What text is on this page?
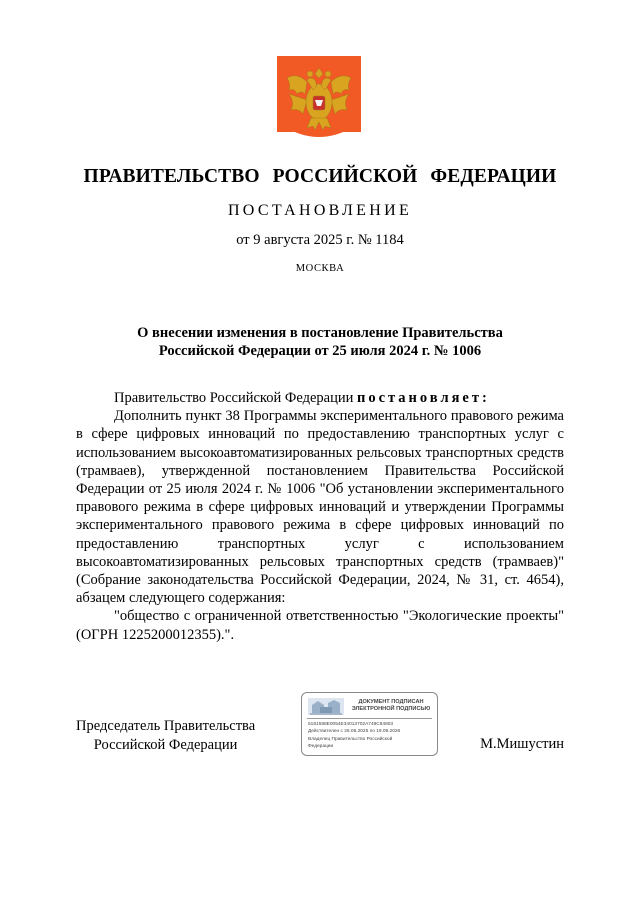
ПРАВИТЕЛЬСТВО РОССИЙСКОЙ ФЕДЕРАЦИИ
ПОСТАНОВЛЕНИЕ
от 9 августа 2025 г. № 1184
МОСКВА
О внесении изменения в постановление Правительства
Российской Федерации от 25 июля 2024 г. № 1006

Правительство Российской Федерации постановляет:

Дополнить пункт 38 Программы экспериментального правового режима в сфере цифровых инноваций по предоставлению транспортных услуг с использованием высокоавтоматизированных рельсовых транспортных средств (трамваев), утвержденной постановлением Правительства Российской Федерации от 25 июля 2024 г. № 1006 "Об установлении экспериментального правового режима в сфере цифровых инноваций и утверждении Программы экспериментального правового режима в сфере цифровых инноваций по предоставлению транспортных услуг с использованием высокоавтоматизированных рельсовых транспортных средств (трамваев)" (Собрание законодательства Российской Федерации, 2024, № 31, ст. 4654), абзацем следующего содержания:

"общество с ограниченной ответственностью "Экологические проекты" (ОГРН 1225200012355).".

Председатель Правительства
Российской Федерации
ДОКУМЕНТ ПОДПИСАН
ЭЛЕКТРОННОЙ ПОДПИСЬЮ
5181588E0054E34013702A749C84803
Действителен с 26.06.2025 по 19.09.2026
Владелец Правительство Российской
Федерации	М.Мишустин
